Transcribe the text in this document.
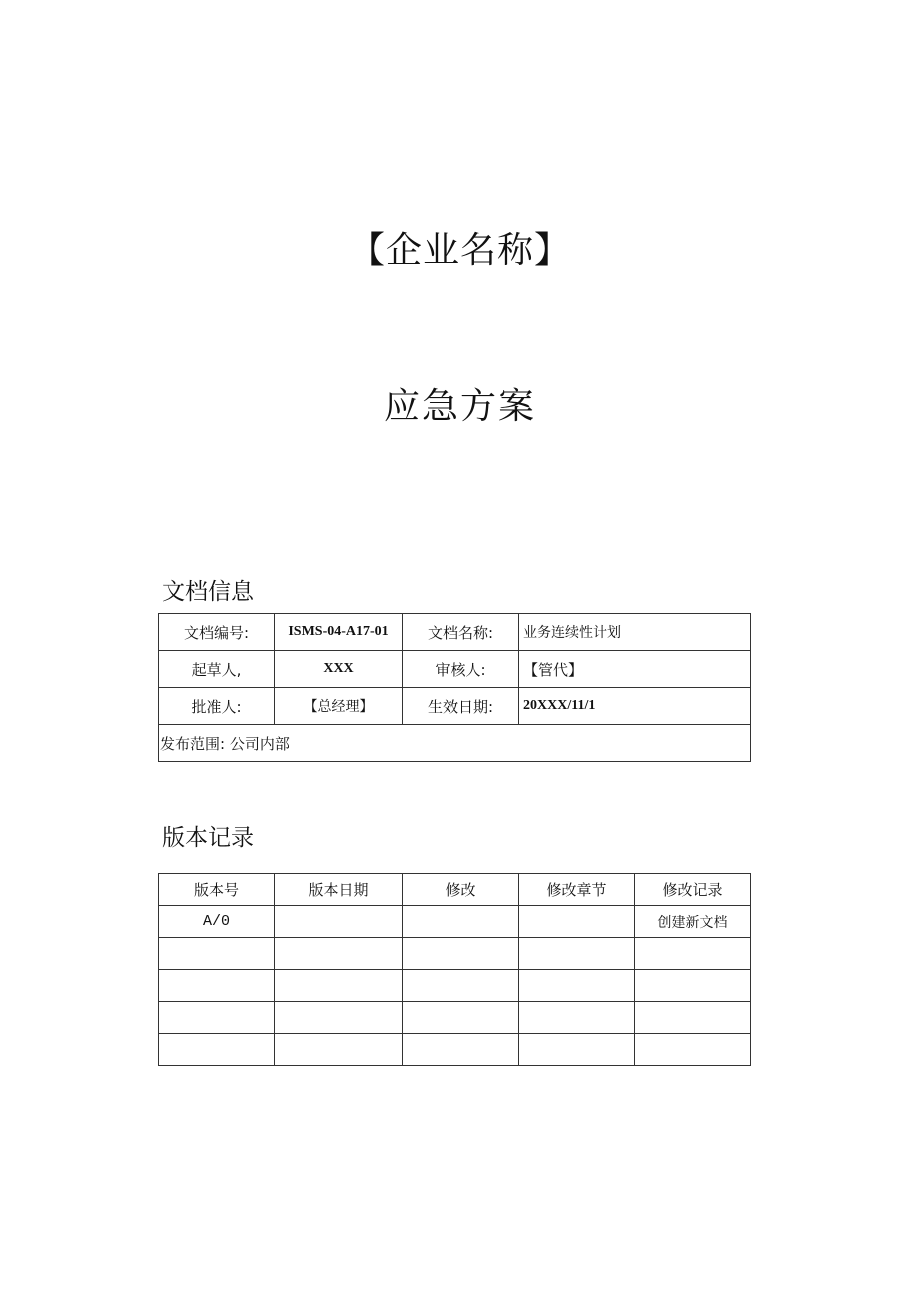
【企业名称】
应急方案
文档信息
文档编号:	ISMS-04-A17-01	文档名称:	业务连续性计划
起草人,	XXX	审核人:	【管代】
批准人:	【总经理】	生效日期:	20XXX/11/1
发布范围: 公司内部			
版本记录
版本号	版本日期	修改	修改章节	修改记录
A/0				创建新文档
